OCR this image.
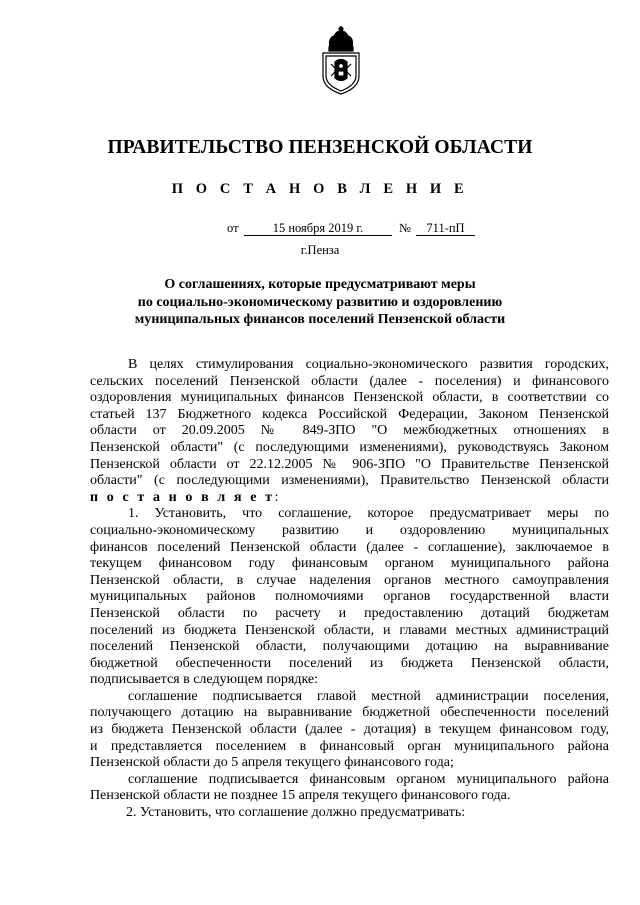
ПРАВИТЕЛЬСТВО ПЕНЗЕНСКОЙ ОБЛАСТИ
П О С Т А Н О В Л Е Н И Е
от	15 ноября 2019 г.	№	711-пП
г.Пенза
О соглашениях, которые предусматривают меры
по социально-экономическому развитию и оздоровлению
муниципальных финансов поселений Пензенской области
В целях стимулирования социально-экономического развития городских,
сельских поселений Пензенской области (далее - поселения) и финансового
оздоровления муниципальных финансов Пензенской области, в соответствии со
статьей 137 Бюджетного кодекса Российской Федерации, Законом Пензенской
области от 20.09.2005 № 849-ЗПО "О межбюджетных отношениях в
Пензенской области" (с последующими изменениями), руководствуясь Законом
Пензенской области от 22.12.2005 № 906-ЗПО "О Правительстве Пензенской
области" (с последующими изменениями), Правительство Пензенской области
п о с т а н о в л я е т:
1. Установить, что соглашение, которое предусматривает меры по
социально-экономическому развитию и оздоровлению муниципальных
финансов поселений Пензенской области (далее - соглашение), заключаемое в
текущем финансовом году финансовым органом муниципального района
Пензенской области, в случае наделения органов местного самоуправления
муниципальных районов полномочиями органов государственной власти
Пензенской области по расчету и предоставлению дотаций бюджетам
поселений из бюджета Пензенской области, и главами местных администраций
поселений Пензенской области, получающими дотацию на выравнивание
бюджетной обеспеченности поселений из бюджета Пензенской области,
подписывается в следующем порядке:
соглашение подписывается главой местной администрации поселения,
получающего дотацию на выравнивание бюджетной обеспеченности поселений
из бюджета Пензенской области (далее - дотация) в текущем финансовом году,
и представляется поселением в финансовый орган муниципального района
Пензенской области до 5 апреля текущего финансового года;
соглашение подписывается финансовым органом муниципального района
Пензенской области не позднее 15 апреля текущего финансового года.
2. Установить, что соглашение должно предусматривать:
